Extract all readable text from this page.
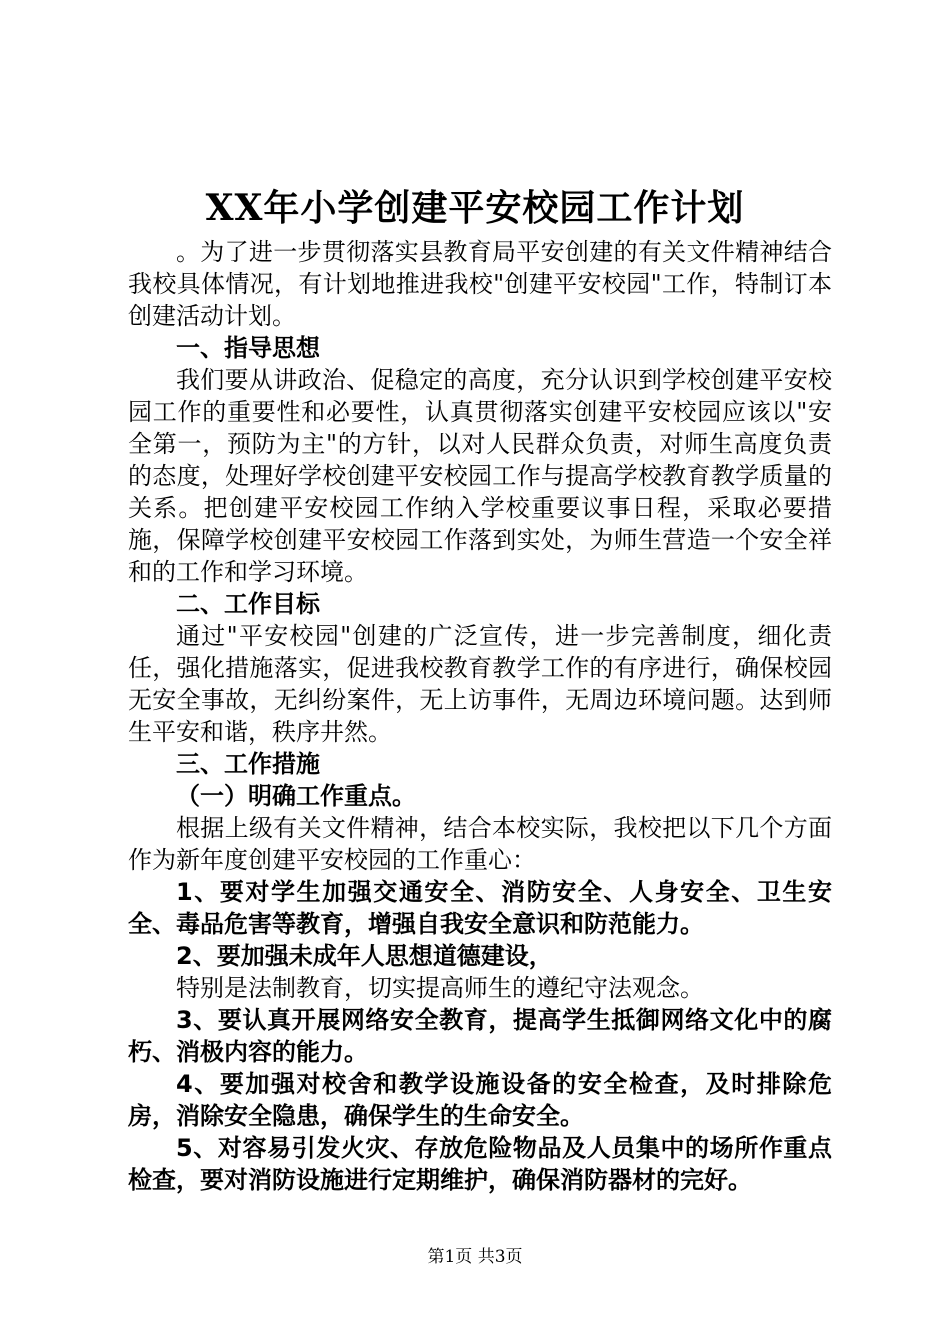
XX年小学创建平安校园工作计划

。为了进一步贯彻落实县教育局平安创建的有关文件精神结合我校具体情况，有计划地推进我校"创建平安校园"工作，特制订本创建活动计划。

一、指导思想

我们要从讲政治、促稳定的高度，充分认识到学校创建平安校园工作的重要性和必要性，认真贯彻落实创建平安校园应该以"安全第一，预防为主"的方针，以对人民群众负责，对师生高度负责的态度，处理好学校创建平安校园工作与提高学校教育教学质量的关系。把创建平安校园工作纳入学校重要议事日程，采取必要措施，保障学校创建平安校园工作落到实处，为师生营造一个安全祥和的工作和学习环境。

二、工作目标

通过"平安校园"创建的广泛宣传，进一步完善制度，细化责任，强化措施落实，促进我校教育教学工作的有序进行，确保校园无安全事故，无纠纷案件，无上访事件，无周边环境问题。达到师生平安和谐，秩序井然。

三、工作措施

（一）明确工作重点。

根据上级有关文件精神，结合本校实际，我校把以下几个方面作为新年度创建平安校园的工作重心：

1、要对学生加强交通安全、消防安全、人身安全、卫生安全、毒品危害等教育，增强自我安全意识和防范能力。

2、要加强未成年人思想道德建设，

特别是法制教育，切实提高师生的遵纪守法观念。

3、要认真开展网络安全教育，提高学生抵御网络文化中的腐朽、消极内容的能力。

4、要加强对校舍和教学设施设备的安全检查，及时排除危房，消除安全隐患，确保学生的生命安全。

5、对容易引发火灾、存放危险物品及人员集中的场所作重点检查，要对消防设施进行定期维护，确保消防器材的完好。

第1页 共3页
